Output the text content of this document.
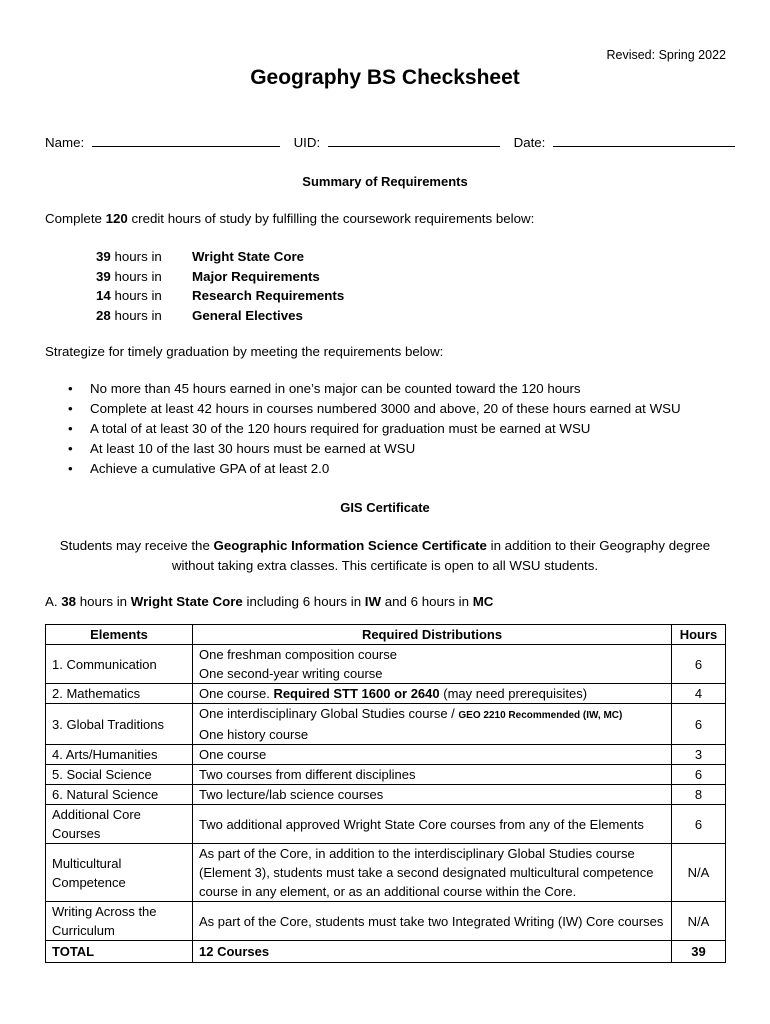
Revised: Spring 2022
Geography BS Checksheet
Name:	UID:	Date:
Summary of Requirements
Complete 120 credit hours of study by fulfilling the coursework requirements below:
39 hours in Wright State Core
39 hours in Major Requirements
14 hours in Research Requirements
28 hours in General Electives
Strategize for timely graduation by meeting the requirements below:
• No more than 45 hours earned in one’s major can be counted toward the 120 hours
• Complete at least 42 hours in courses numbered 3000 and above, 20 of these hours earned at WSU
• A total of at least 30 of the 120 hours required for graduation must be earned at WSU
• At least 10 of the last 30 hours must be earned at WSU
• Achieve a cumulative GPA of at least 2.0
GIS Certificate
Students may receive the Geographic Information Science Certificate in addition to their Geography degree without taking extra classes. This certificate is open to all WSU students.
A. 38 hours in Wright State Core including 6 hours in IW and 6 hours in MC
Elements	Required Distributions	Hours
1. Communication	One freshman composition course
One second-year writing course	6
2. Mathematics	One course. Required STT 1600 or 2640 (may need prerequisites)	4
3. Global Traditions	One interdisciplinary Global Studies course / GEO 2210 Recommended (IW, MC)
One history course	6
4. Arts/Humanities	One course	3
5. Social Science	Two courses from different disciplines	6
6. Natural Science	Two lecture/lab science courses	8
Additional Core Courses	Two additional approved Wright State Core courses from any of the Elements	6
Multicultural Competence	As part of the Core, in addition to the interdisciplinary Global Studies course (Element 3), students must take a second designated multicultural competence course in any element, or as an additional course within the Core.	N/A
Writing Across the Curriculum	As part of the Core, students must take two Integrated Writing (IW) Core courses	N/A
TOTAL	12 Courses	39
